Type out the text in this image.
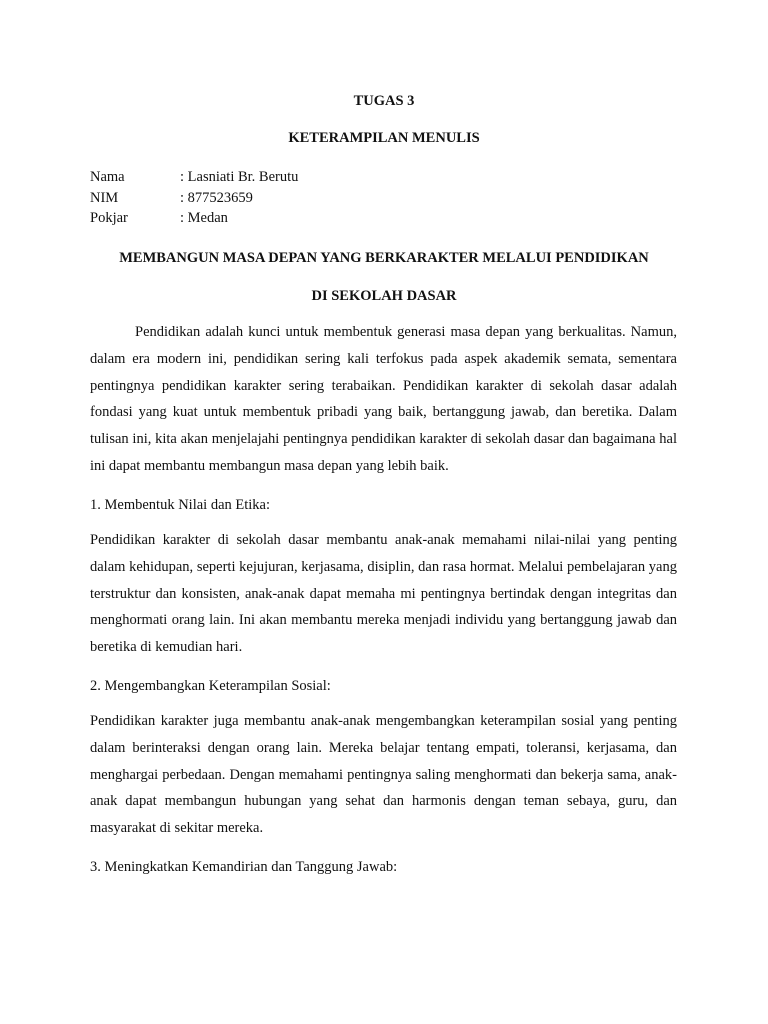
TUGAS 3

KETERAMPILAN MENULIS

Nama	: Lasniati Br. Berutu
NIM	: 877523659
Pokjar	: Medan

MEMBANGUN MASA DEPAN YANG BERKARAKTER MELALUI PENDIDIKAN

DI SEKOLAH DASAR

Pendidikan adalah kunci untuk membentuk generasi masa depan yang berkualitas. Namun, dalam era modern ini, pendidikan sering kali terfokus pada aspek akademik semata, sementara pentingnya pendidikan karakter sering terabaikan. Pendidikan karakter di sekolah dasar adalah fondasi yang kuat untuk membentuk pribadi yang baik, bertanggung jawab, dan beretika. Dalam tulisan ini, kita akan menjelajahi pentingnya pendidikan karakter di sekolah dasar dan bagaimana hal ini dapat membantu membangun masa depan yang lebih baik.

1. Membentuk Nilai dan Etika:

Pendidikan karakter di sekolah dasar membantu anak-anak memahami nilai-nilai yang penting dalam kehidupan, seperti kejujuran, kerjasama, disiplin, dan rasa hormat. Melalui pembelajaran yang terstruktur dan konsisten, anak-anak dapat memaha mi pentingnya bertindak dengan integritas dan menghormati orang lain. Ini akan membantu mereka menjadi individu yang bertanggung jawab dan beretika di kemudian hari.

2. Mengembangkan Keterampilan Sosial:

Pendidikan karakter juga membantu anak-anak mengembangkan keterampilan sosial yang penting dalam berinteraksi dengan orang lain. Mereka belajar tentang empati, toleransi, kerjasama, dan menghargai perbedaan. Dengan memahami pentingnya saling menghormati dan bekerja sama, anak-anak dapat membangun hubungan yang sehat dan harmonis dengan teman sebaya, guru, dan masyarakat di sekitar mereka.

3. Meningkatkan Kemandirian dan Tanggung Jawab:
